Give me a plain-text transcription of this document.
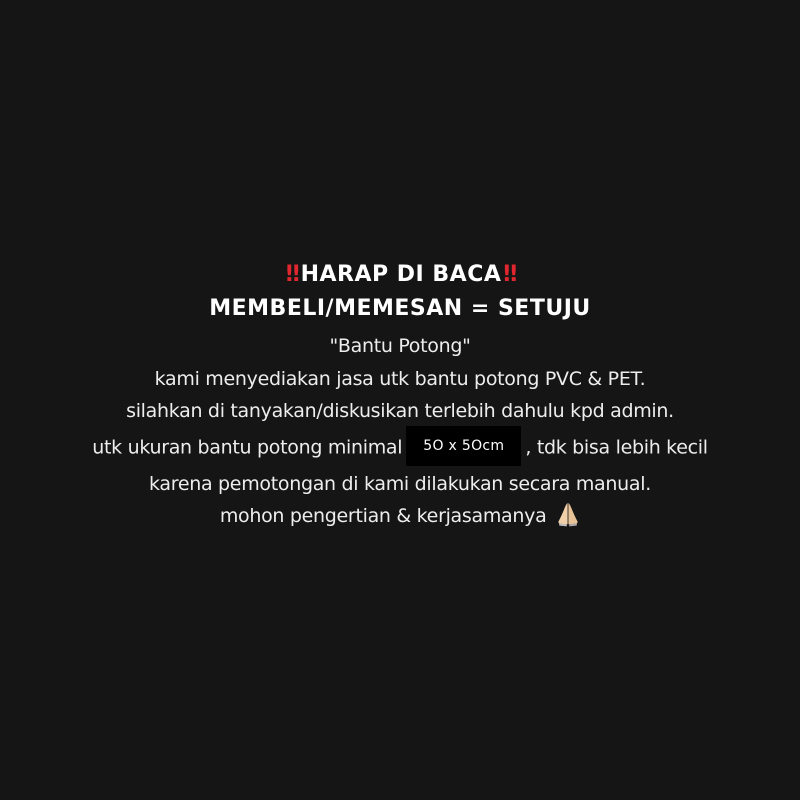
‼ HARAP DI BACA‼
MEMBELI/MEMESAN = SETUJU
"Bantu Potong"
kami menyediakan jasa utk bantu potong PVC & PET.
silahkan di tanyakan/diskusikan terlebih dahulu kpd admin.
utk ukuran bantu potong minimal 5O x 5Ocm , tdk bisa lebih kecil
karena pemotongan di kami dilakukan secara manual.
mohon pengertian & kerjasamanya
